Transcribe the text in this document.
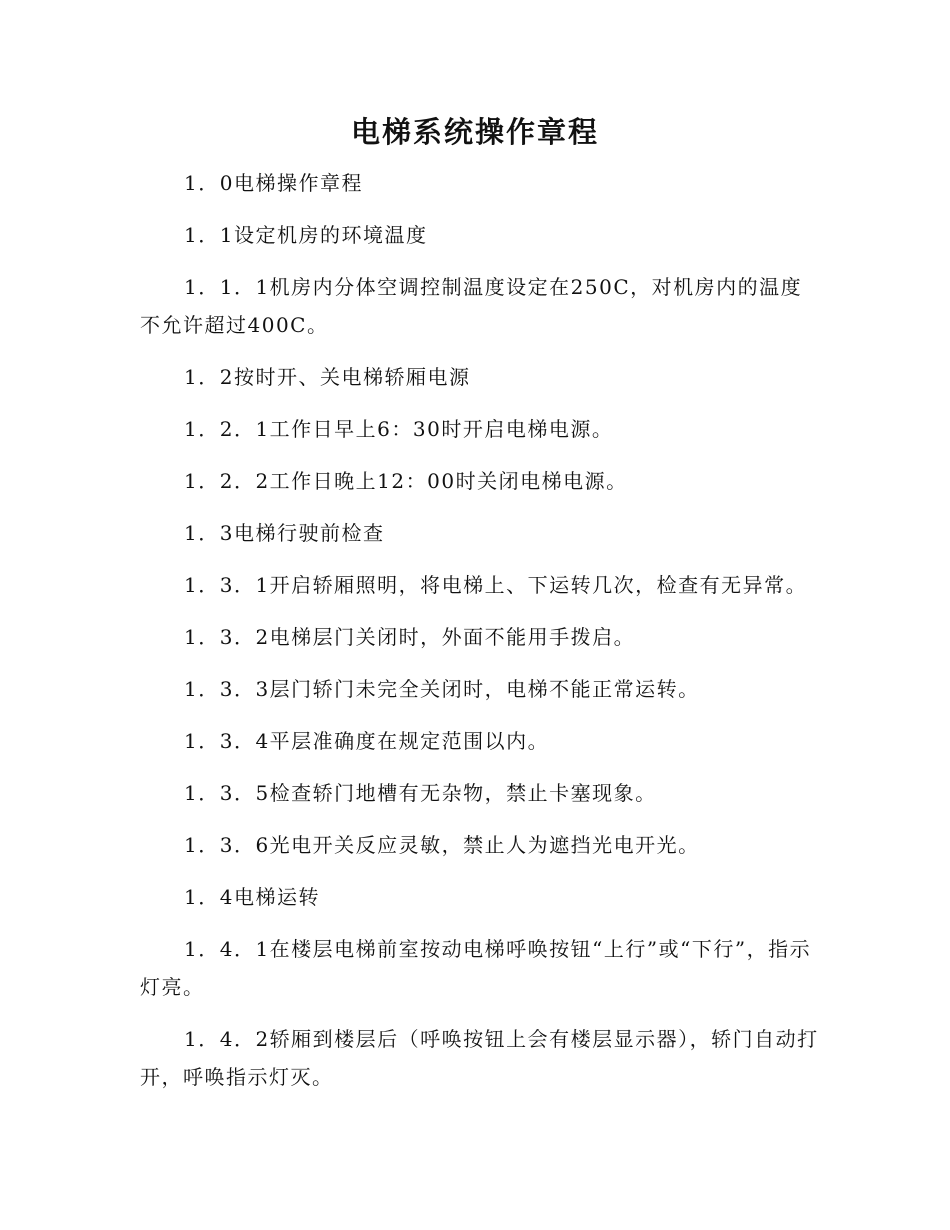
电梯系统操作章程

1．0电梯操作章程

1．1设定机房的环境温度

1．1．1机房内分体空调控制温度设定在250C，对机房内的温度不允许超过400C。

1．2按时开、关电梯轿厢电源

1．2．1工作日早上6：30时开启电梯电源。

1．2．2工作日晚上12：00时关闭电梯电源。

1．3电梯行驶前检查

1．3．1开启轿厢照明，将电梯上、下运转几次，检查有无异常。

1．3．2电梯层门关闭时，外面不能用手拨启。

1．3．3层门轿门未完全关闭时，电梯不能正常运转。

1．3．4平层准确度在规定范围以内。

1．3．5检查轿门地槽有无杂物，禁止卡塞现象。

1．3．6光电开关反应灵敏，禁止人为遮挡光电开光。

1．4电梯运转

1．4．1在楼层电梯前室按动电梯呼唤按钮“上行”或“下行”，指示灯亮。

1．4．2轿厢到楼层后（呼唤按钮上会有楼层显示器），轿门自动打开，呼唤指示灯灭。
